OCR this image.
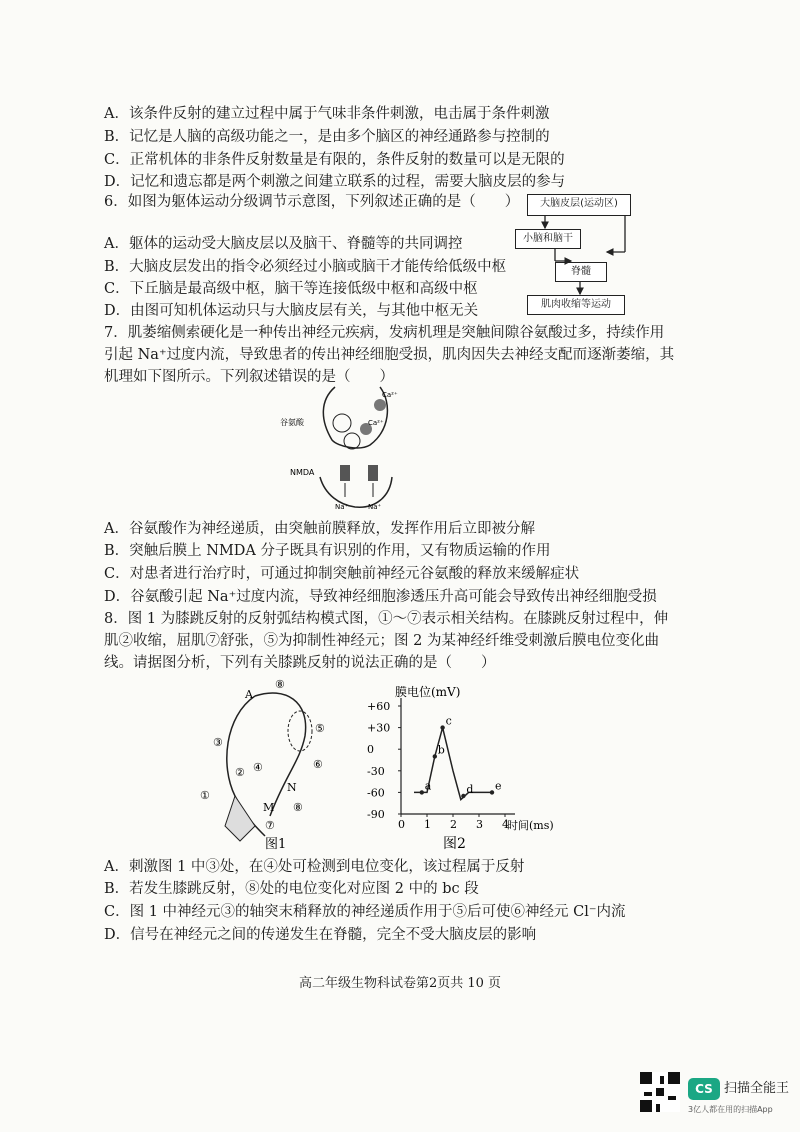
A．该条件反射的建立过程中属于气味非条件刺激，电击属于条件刺激
B．记忆是人脑的高级功能之一，是由多个脑区的神经通路参与控制的
C．正常机体的非条件反射数量是有限的，条件反射的数量可以是无限的
D．记忆和遗忘都是两个刺激之间建立联系的过程，需要大脑皮层的参与
6．如图为躯体运动分级调节示意图，下列叙述正确的是（　　）
A．躯体的运动受大脑皮层以及脑干、脊髓等的共同调控
B．大脑皮层发出的指令必须经过小脑或脑干才能传给低级中枢
C．下丘脑是最高级中枢，脑干等连接低级中枢和高级中枢
D．由图可知机体运动只与大脑皮层有关，与其他中枢无关
大脑皮层(运动区)
小脑和脑干
脊髓
肌肉收缩等运动
7．肌萎缩侧索硬化是一种传出神经元疾病，发病机理是突触间隙谷氨酸过多，持续作用
引起 Na⁺过度内流，导致患者的传出神经细胞受损，肌肉因失去神经支配而逐渐萎缩，其
机理如下图所示。下列叙述错误的是（　　）
谷氨酸
Ca²⁺
Ca²⁺
NMDA
Na⁺	Na⁺
A．谷氨酸作为神经递质，由突触前膜释放，发挥作用后立即被分解
B．突触后膜上 NMDA 分子既具有识别的作用，又有物质运输的作用
C．对患者进行治疗时，可通过抑制突触前神经元谷氨酸的释放来缓解症状
D．谷氨酸引起 Na⁺过度内流，导致神经细胞渗透压升高可能会导致传出神经细胞受损
8．图 1 为膝跳反射的反射弧结构模式图，①～⑦表示相关结构。在膝跳反射过程中，伸
肌②收缩，屈肌⑦舒张，⑤为抑制性神经元；图 2 为某神经纤维受刺激后膜电位变化曲
线。请据图分析，下列有关膝跳反射的说法正确的是（　　）
A
⑧
③
④
⑤
⑥
①
②
M
N
⑧
⑦
图1
膜电位(mV)
时间(ms)
图2
+60
+30
0
-30
-60
-90
0 1 2 3 4
a
b
c
d e
A．刺激图 1 中③处，在④处可检测到电位变化，该过程属于反射
B．若发生膝跳反射，⑧处的电位变化对应图 2 中的 bc 段
C．图 1 中神经元③的轴突末稍释放的神经递质作用于⑤后可使⑥神经元 Cl⁻内流
D．信号在神经元之间的传递发生在脊髓，完全不受大脑皮层的影响
高二年级生物科试卷第2页共 10 页
CS 扫描全能王
3亿人都在用的扫描App
